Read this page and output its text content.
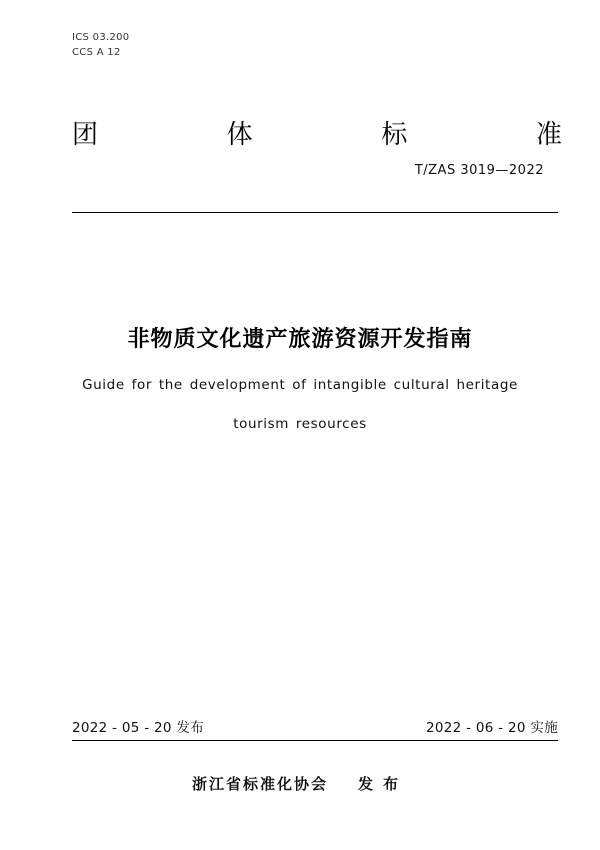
ICS 03.200
CCS A 12
团	体	标	准
T/ZAS 3019—2022
非物质文化遗产旅游资源开发指南
Guide for the development of intangible cultural heritage
tourism resources
2022 - 05 - 20 发布	2022 - 06 - 20 实施
浙江省标准化协会 发布
